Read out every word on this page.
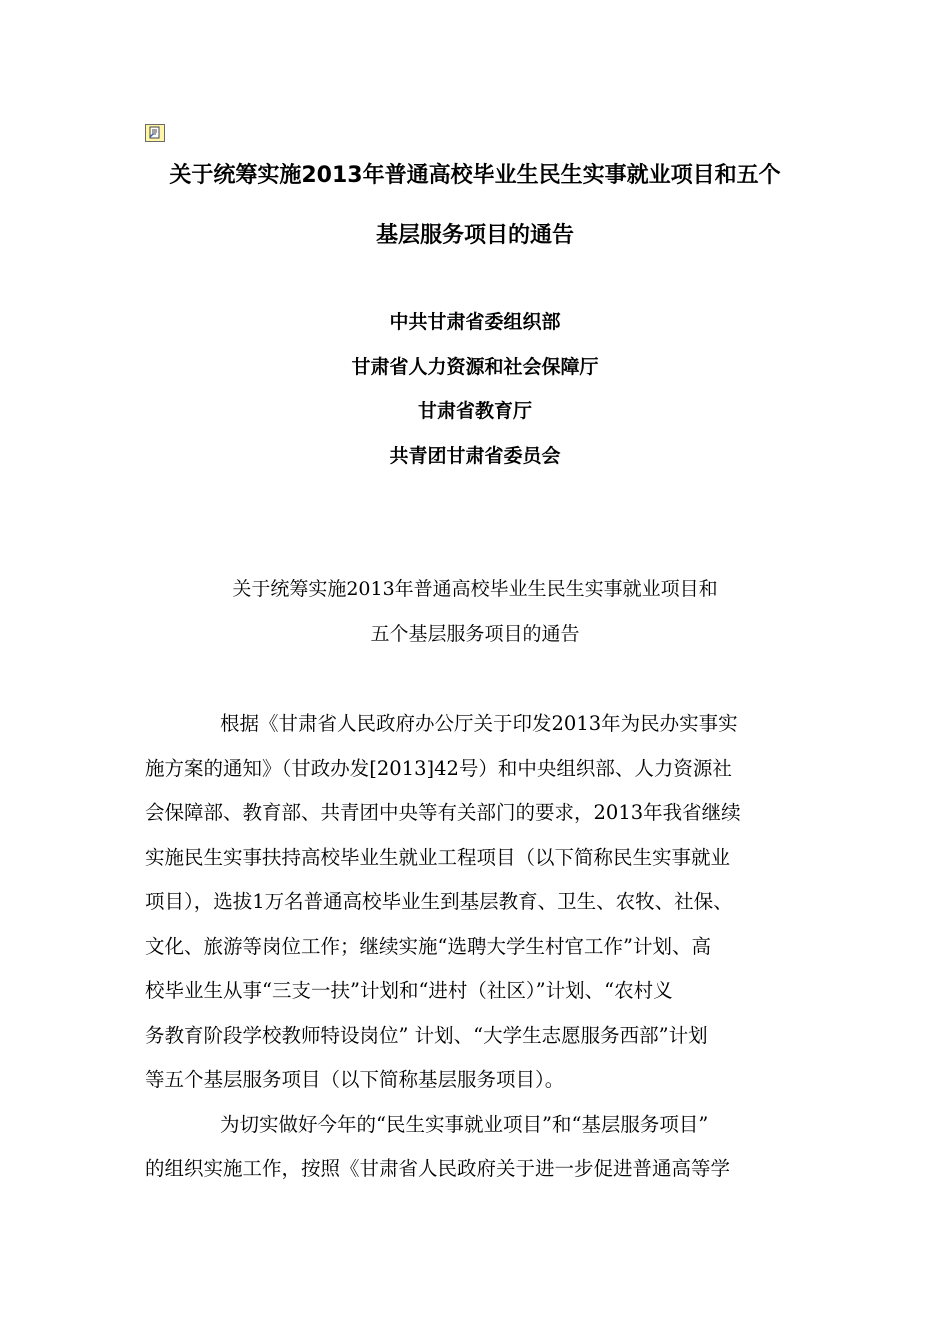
关于统筹实施2013年普通高校毕业生民生实事就业项目和五个
基层服务项目的通告
中共甘肃省委组织部
甘肃省人力资源和社会保障厅
甘肃省教育厅
共青团甘肃省委员会
关于统筹实施2013年普通高校毕业生民生实事就业项目和
五个基层服务项目的通告
根据《甘肃省人民政府办公厅关于印发2013年为民办实事实
施方案的通知》（甘政办发[2013]42号）和中央组织部、人力资源社
会保障部、教育部、共青团中央等有关部门的要求，2013年我省继续
实施民生实事扶持高校毕业生就业工程项目（以下简称民生实事就业
项目），选拔1万名普通高校毕业生到基层教育、卫生、农牧、社保、
文化、旅游等岗位工作；继续实施“选聘大学生村官工作”计划、高
校毕业生从事“三支一扶”计划和“进村（社区）”计划、“农村义
务教育阶段学校教师特设岗位” 计划、“大学生志愿服务西部”计划
等五个基层服务项目（以下简称基层服务项目）。
为切实做好今年的“民生实事就业项目”和“基层服务项目”
的组织实施工作，按照《甘肃省人民政府关于进一步促进普通高等学
